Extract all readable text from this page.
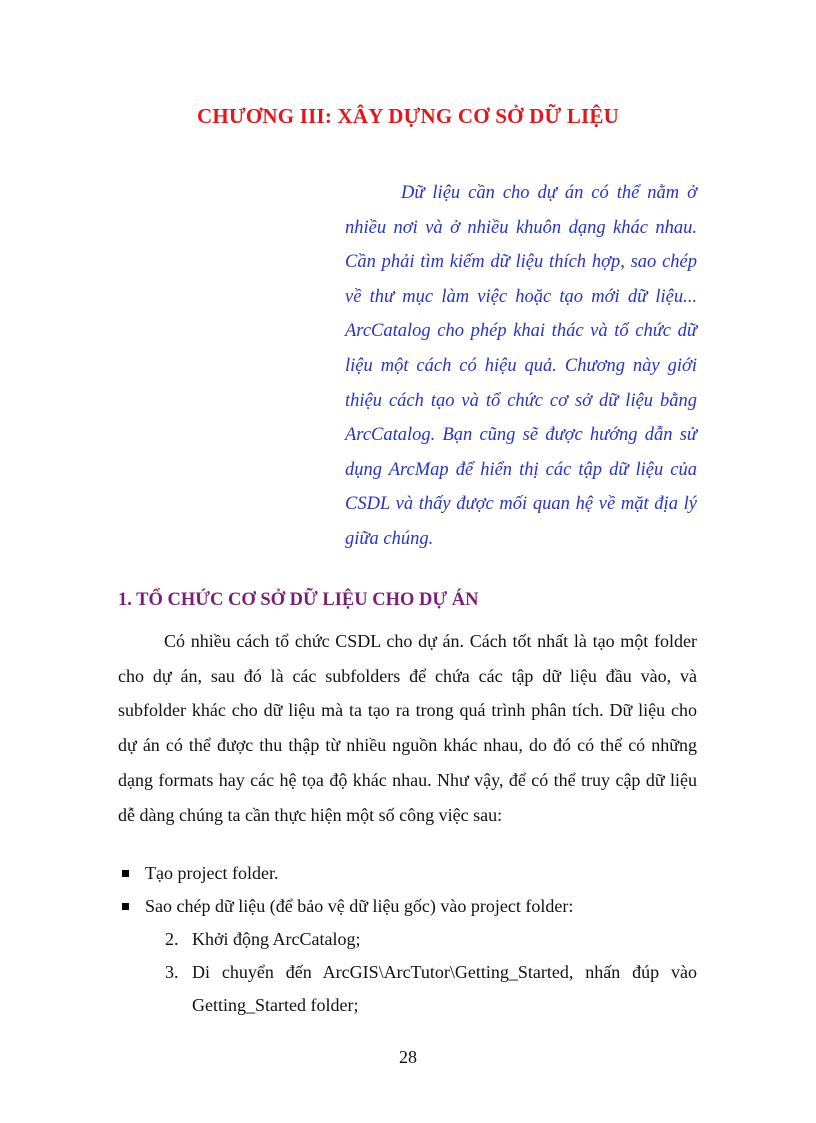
CHƯƠNG III: XÂY DỰNG CƠ SỞ DỮ LIỆU

Dữ liệu cần cho dự án có thể nằm ở nhiều nơi và ở nhiều khuôn dạng khác nhau. Cần phải tìm kiếm dữ liệu thích hợp, sao chép về thư mục làm việc hoặc tạo mới dữ liệu... ArcCatalog cho phép khai thác và tổ chức dữ liệu một cách có hiệu quả. Chương này giới thiệu cách tạo và tổ chức cơ sở dữ liệu bằng ArcCatalog. Bạn cũng sẽ được hướng dẫn sử dụng ArcMap để hiển thị các tập dữ liệu của CSDL và thấy được mối quan hệ về mặt địa lý giữa chúng.

1. TỔ CHỨC CƠ SỞ DỮ LIỆU CHO DỰ ÁN

Có nhiều cách tổ chức CSDL cho dự án. Cách tốt nhất là tạo một folder cho dự án, sau đó là các subfolders để chứa các tập dữ liệu đầu vào, và subfolder khác cho dữ liệu mà ta tạo ra trong quá trình phân tích. Dữ liệu cho dự án có thể được thu thập từ nhiều nguồn khác nhau, do đó có thể có những dạng formats hay các hệ tọa độ khác nhau. Như vậy, để có thể truy cập dữ liệu dễ dàng chúng ta cần thực hiện một số công việc sau:

Tạo project folder.
Sao chép dữ liệu (để bảo vệ dữ liệu gốc) vào project folder:
2. Khởi động ArcCatalog;
3. Di chuyển đến ArcGIS\ArcTutor\Getting_Started, nhấn đúp vào Getting_Started folder;
28
